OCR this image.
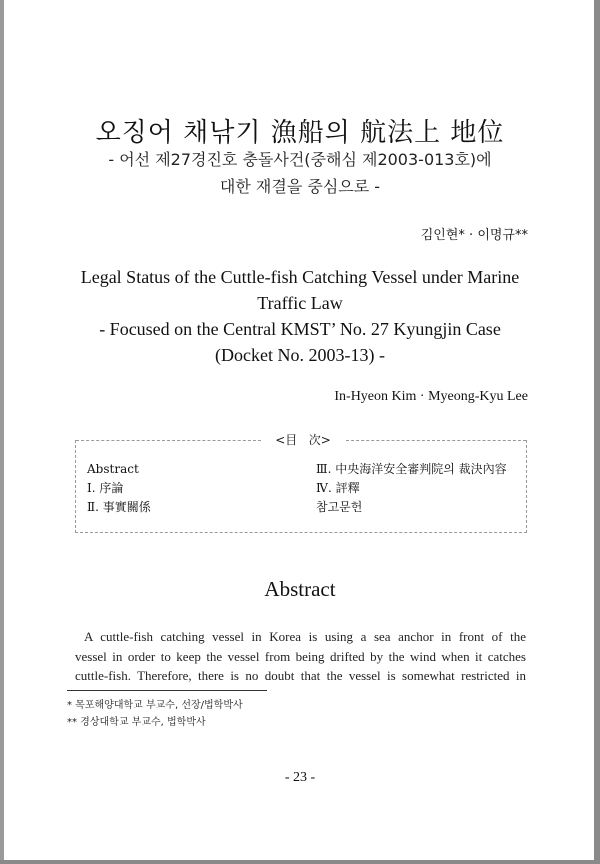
오징어 채낚기 漁船의 航法上 地位
- 어선 제27경진호 충돌사건(중해심 제2003-013호)에
대한 재결을 중심으로 -
김인현* · 이명규**
Legal Status of the Cuttle-fish Catching Vessel under Marine
Traffic Law
- Focused on the Central KMST’ No. 27 Kyungjin Case
(Docket No. 2003-13) -
In-Hyeon Kim · Myeong-Kyu Lee
<目   次>
Abstract
Ⅰ. 序論
Ⅱ. 事實關係
Ⅲ. 中央海洋安全審判院의 裁決內容
Ⅳ. 評釋
참고문헌
Abstract

A cuttle-fish catching vessel in Korea is using a sea anchor in front of the
vessel in order to keep the vessel from being drifted by the wind when it catches
cuttle-fish. Therefore, there is no doubt that the vessel is somewhat restricted in

* 목포해양대학교 부교수, 선장/법학박사
** 경상대학교 부교수, 법학박사
- 23 -
